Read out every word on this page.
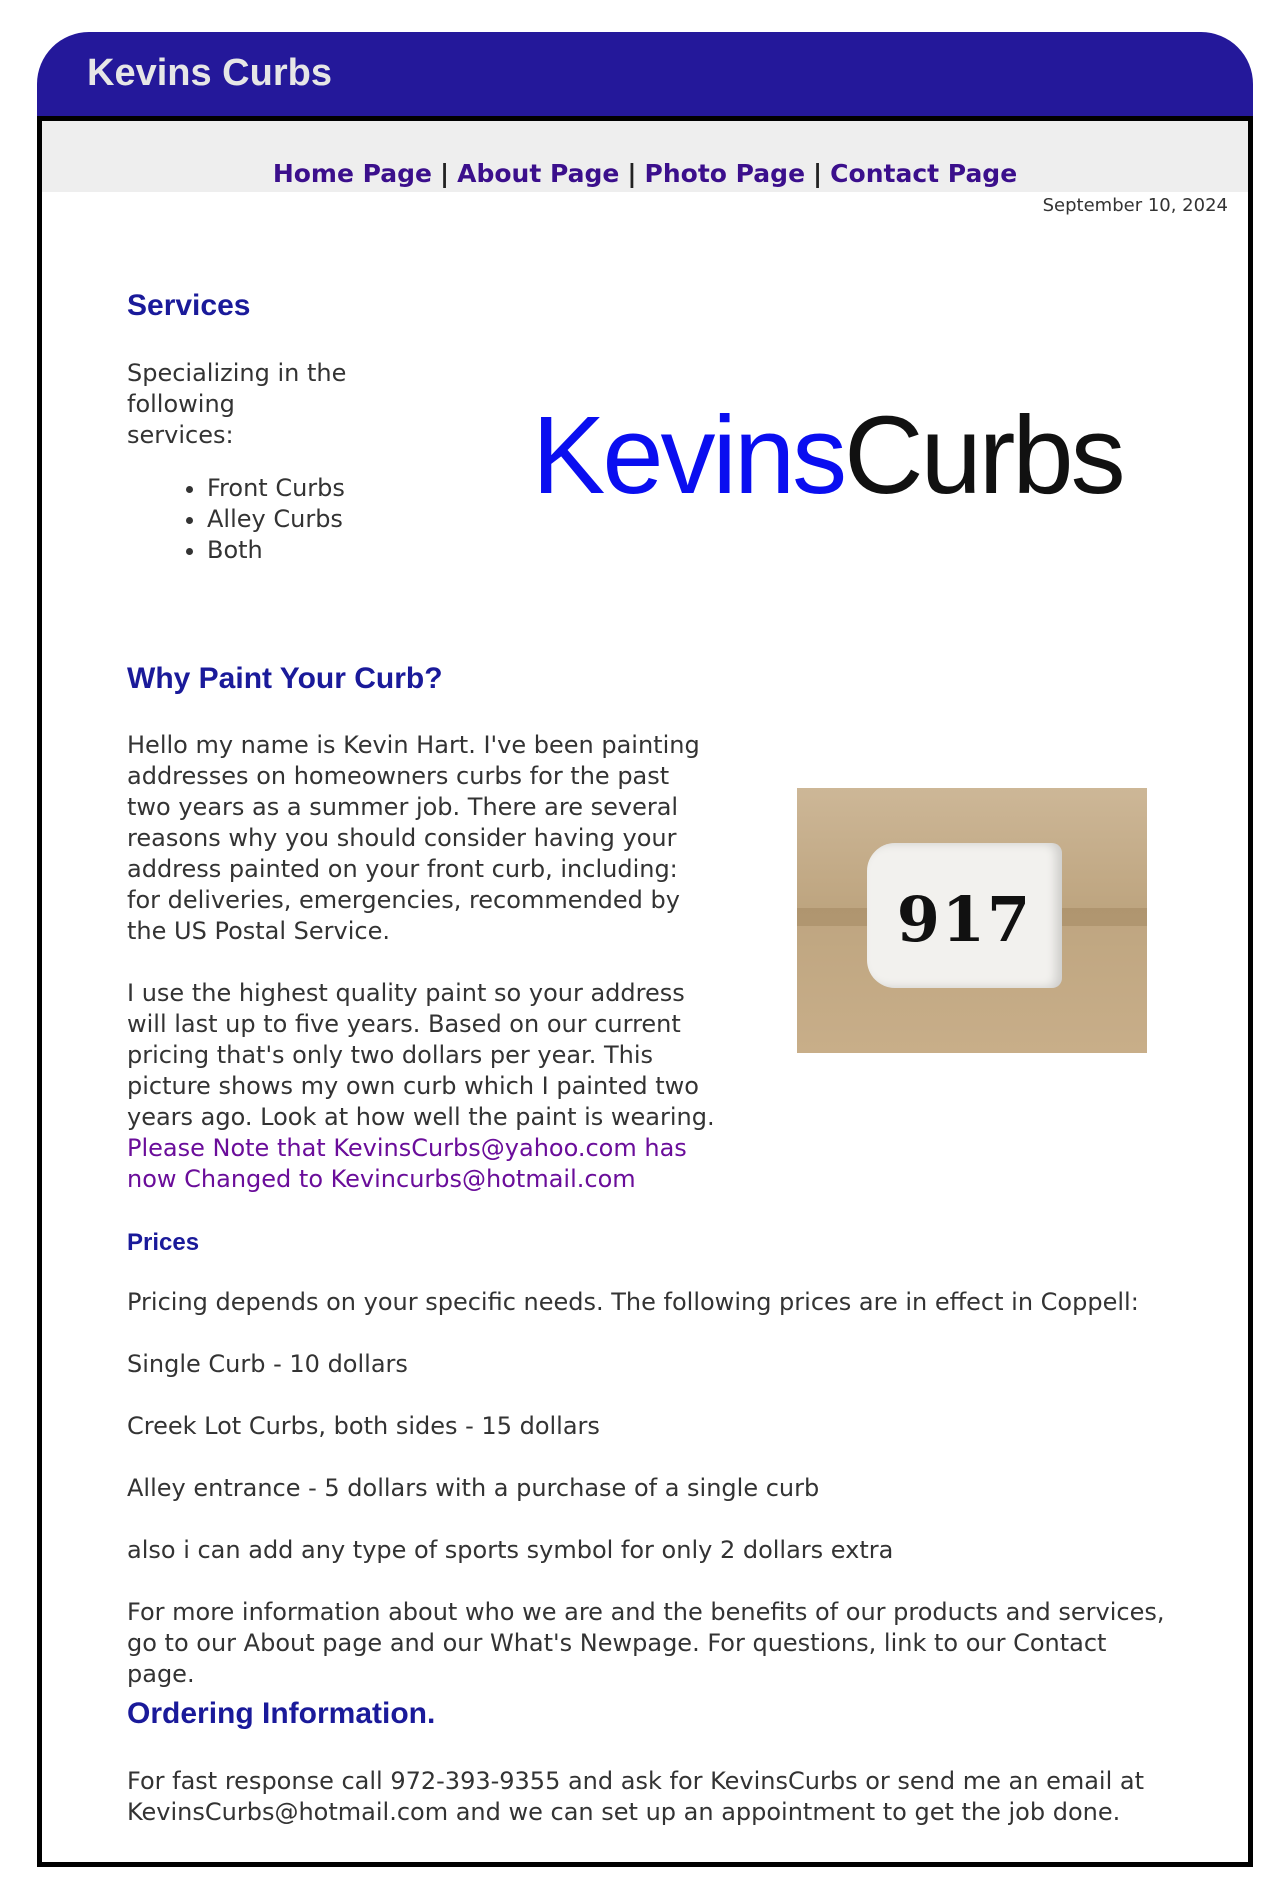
Kevins Curbs
Home Page | About Page | Photo Page | Contact Page
September 10, 2024
Services

Specializing in the following services:

• Front Curbs
• Alley Curbs
• Both
KevinsCurbs
Why Paint Your Curb?

Hello my name is Kevin Hart. I've been painting addresses on homeowners curbs for the past two years as a summer job. There are several reasons why you should consider having your address painted on your front curb, including: for deliveries, emergencies, recommended by the US Postal Service.

I use the highest quality paint so your address will last up to five years. Based on our current pricing that's only two dollars per year. This picture shows my own curb which I painted two years ago. Look at how well the paint is wearing. Please Note that KevinsCurbs@yahoo.com has now Changed to Kevincurbs@hotmail.com

917
Prices

Pricing depends on your specific needs. The following prices are in effect in Coppell:

Single Curb - 10 dollars

Creek Lot Curbs, both sides - 15 dollars

Alley entrance - 5 dollars with a purchase of a single curb

also i can add any type of sports symbol for only 2 dollars extra

For more information about who we are and the benefits of our products and services, go to our About page and our What's Newpage. For questions, link to our Contact page.

Ordering Information.

For fast response call 972-393-9355 and ask for KevinsCurbs or send me an email at KevinsCurbs@hotmail.com and we can set up an appointment to get the job done.
